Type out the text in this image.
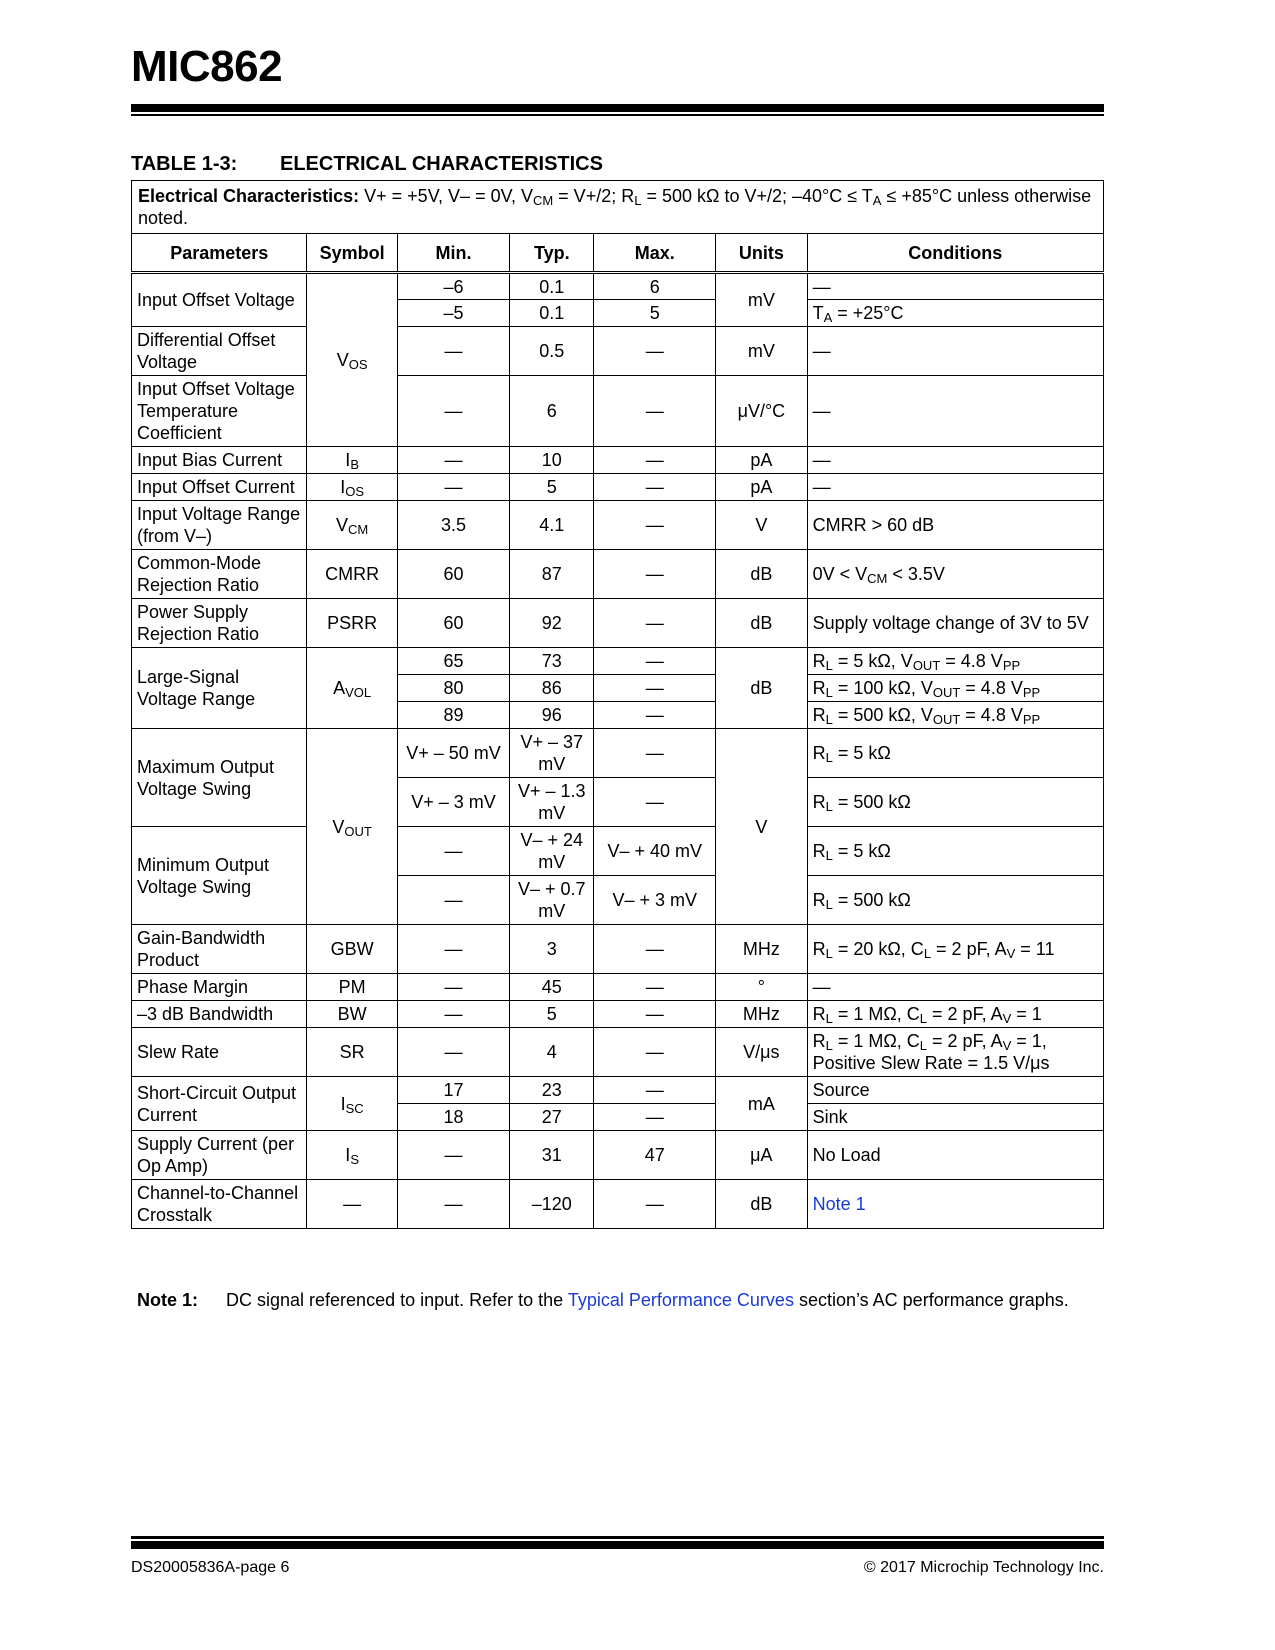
MIC862
TABLE 1-3: ELECTRICAL CHARACTERISTICS
Electrical Characteristics: V+ = +5V, V– = 0V, $V_{CM} = V+/2$; $R_L = 500$ kΩ to V+/2; $-40^\circ C \le T_A \le +85^\circ C$ unless otherwise noted.						
Parameters	Symbol	Min.	Typ.	Max.	Units	Conditions
Input Offset Voltage	$V_{OS}$	–6	0.1	6	mV	—
		–5	0.1	5		$T_A = +25^\circ C$
Differential Offset Voltage		—	0.5	—	mV	—
Input Offset Voltage Temperature Coefficient		—	6	—	μV/°C	—
Input Bias Current	$I_B$	—	10	—	pA	—
Input Offset Current	$I_{OS}$	—	5	—	pA	—
Input Voltage Range (from V–)	$V_{CM}$	3.5	4.1	—	V	CMRR > 60 dB
Common-Mode Rejection Ratio	CMRR	60	87	—	dB	$0V < V_{CM} < 3.5V$
Power Supply Rejection Ratio	PSRR	60	92	—	dB	Supply voltage change of 3V to 5V
Large-Signal Voltage Range	$A_{VOL}$	65	73	—	dB	$R_L = 5$ kΩ, $V_{OUT} = 4.8$ $V_{PP}$
		80	86	—		$R_L = 100$ kΩ, $V_{OUT} = 4.8$ $V_{PP}$
		89	96	—		$R_L = 500$ kΩ, $V_{OUT} = 4.8$ $V_{PP}$
Maximum Output Voltage Swing	$V_{OUT}$	V+ – 50 mV	V+ – 37 mV	—	V	$R_L = 5$ kΩ
		V+ – 3 mV	V+ – 1.3 mV	—		$R_L = 500$ kΩ
Minimum Output Voltage Swing		—	V– + 24 mV	V– + 40 mV		$R_L = 5$ kΩ
		—	V– + 0.7 mV	V– + 3 mV		$R_L = 500$ kΩ
Gain-Bandwidth Product	GBW	—	3	—	MHz	$R_L = 20$ kΩ, $C_L = 2$ pF, $A_V = 11$
Phase Margin	PM	—	45	—	°	—
–3 dB Bandwidth	BW	—	5	—	MHz	$R_L = 1$ MΩ, $C_L = 2$ pF, $A_V = 1$
Slew Rate	SR	—	4	—	V/μs	$R_L = 1$ MΩ, $C_L = 2$ pF, $A_V = 1$,
Positive Slew Rate = 1.5 V/μs
Short-Circuit Output Current	$I_{SC}$	17	23	—	mA	Source
		18	27	—		Sink
Supply Current (per Op Amp)	$I_S$	—	31	47	μA	No Load
Channel-to-Channel Crosstalk	—	—	–120	—	dB	Note 1
Note 1: DC signal referenced to input. Refer to the Typical Performance Curves section’s AC performance graphs.
DS20005836A-page 6	© 2017 Microchip Technology Inc.
